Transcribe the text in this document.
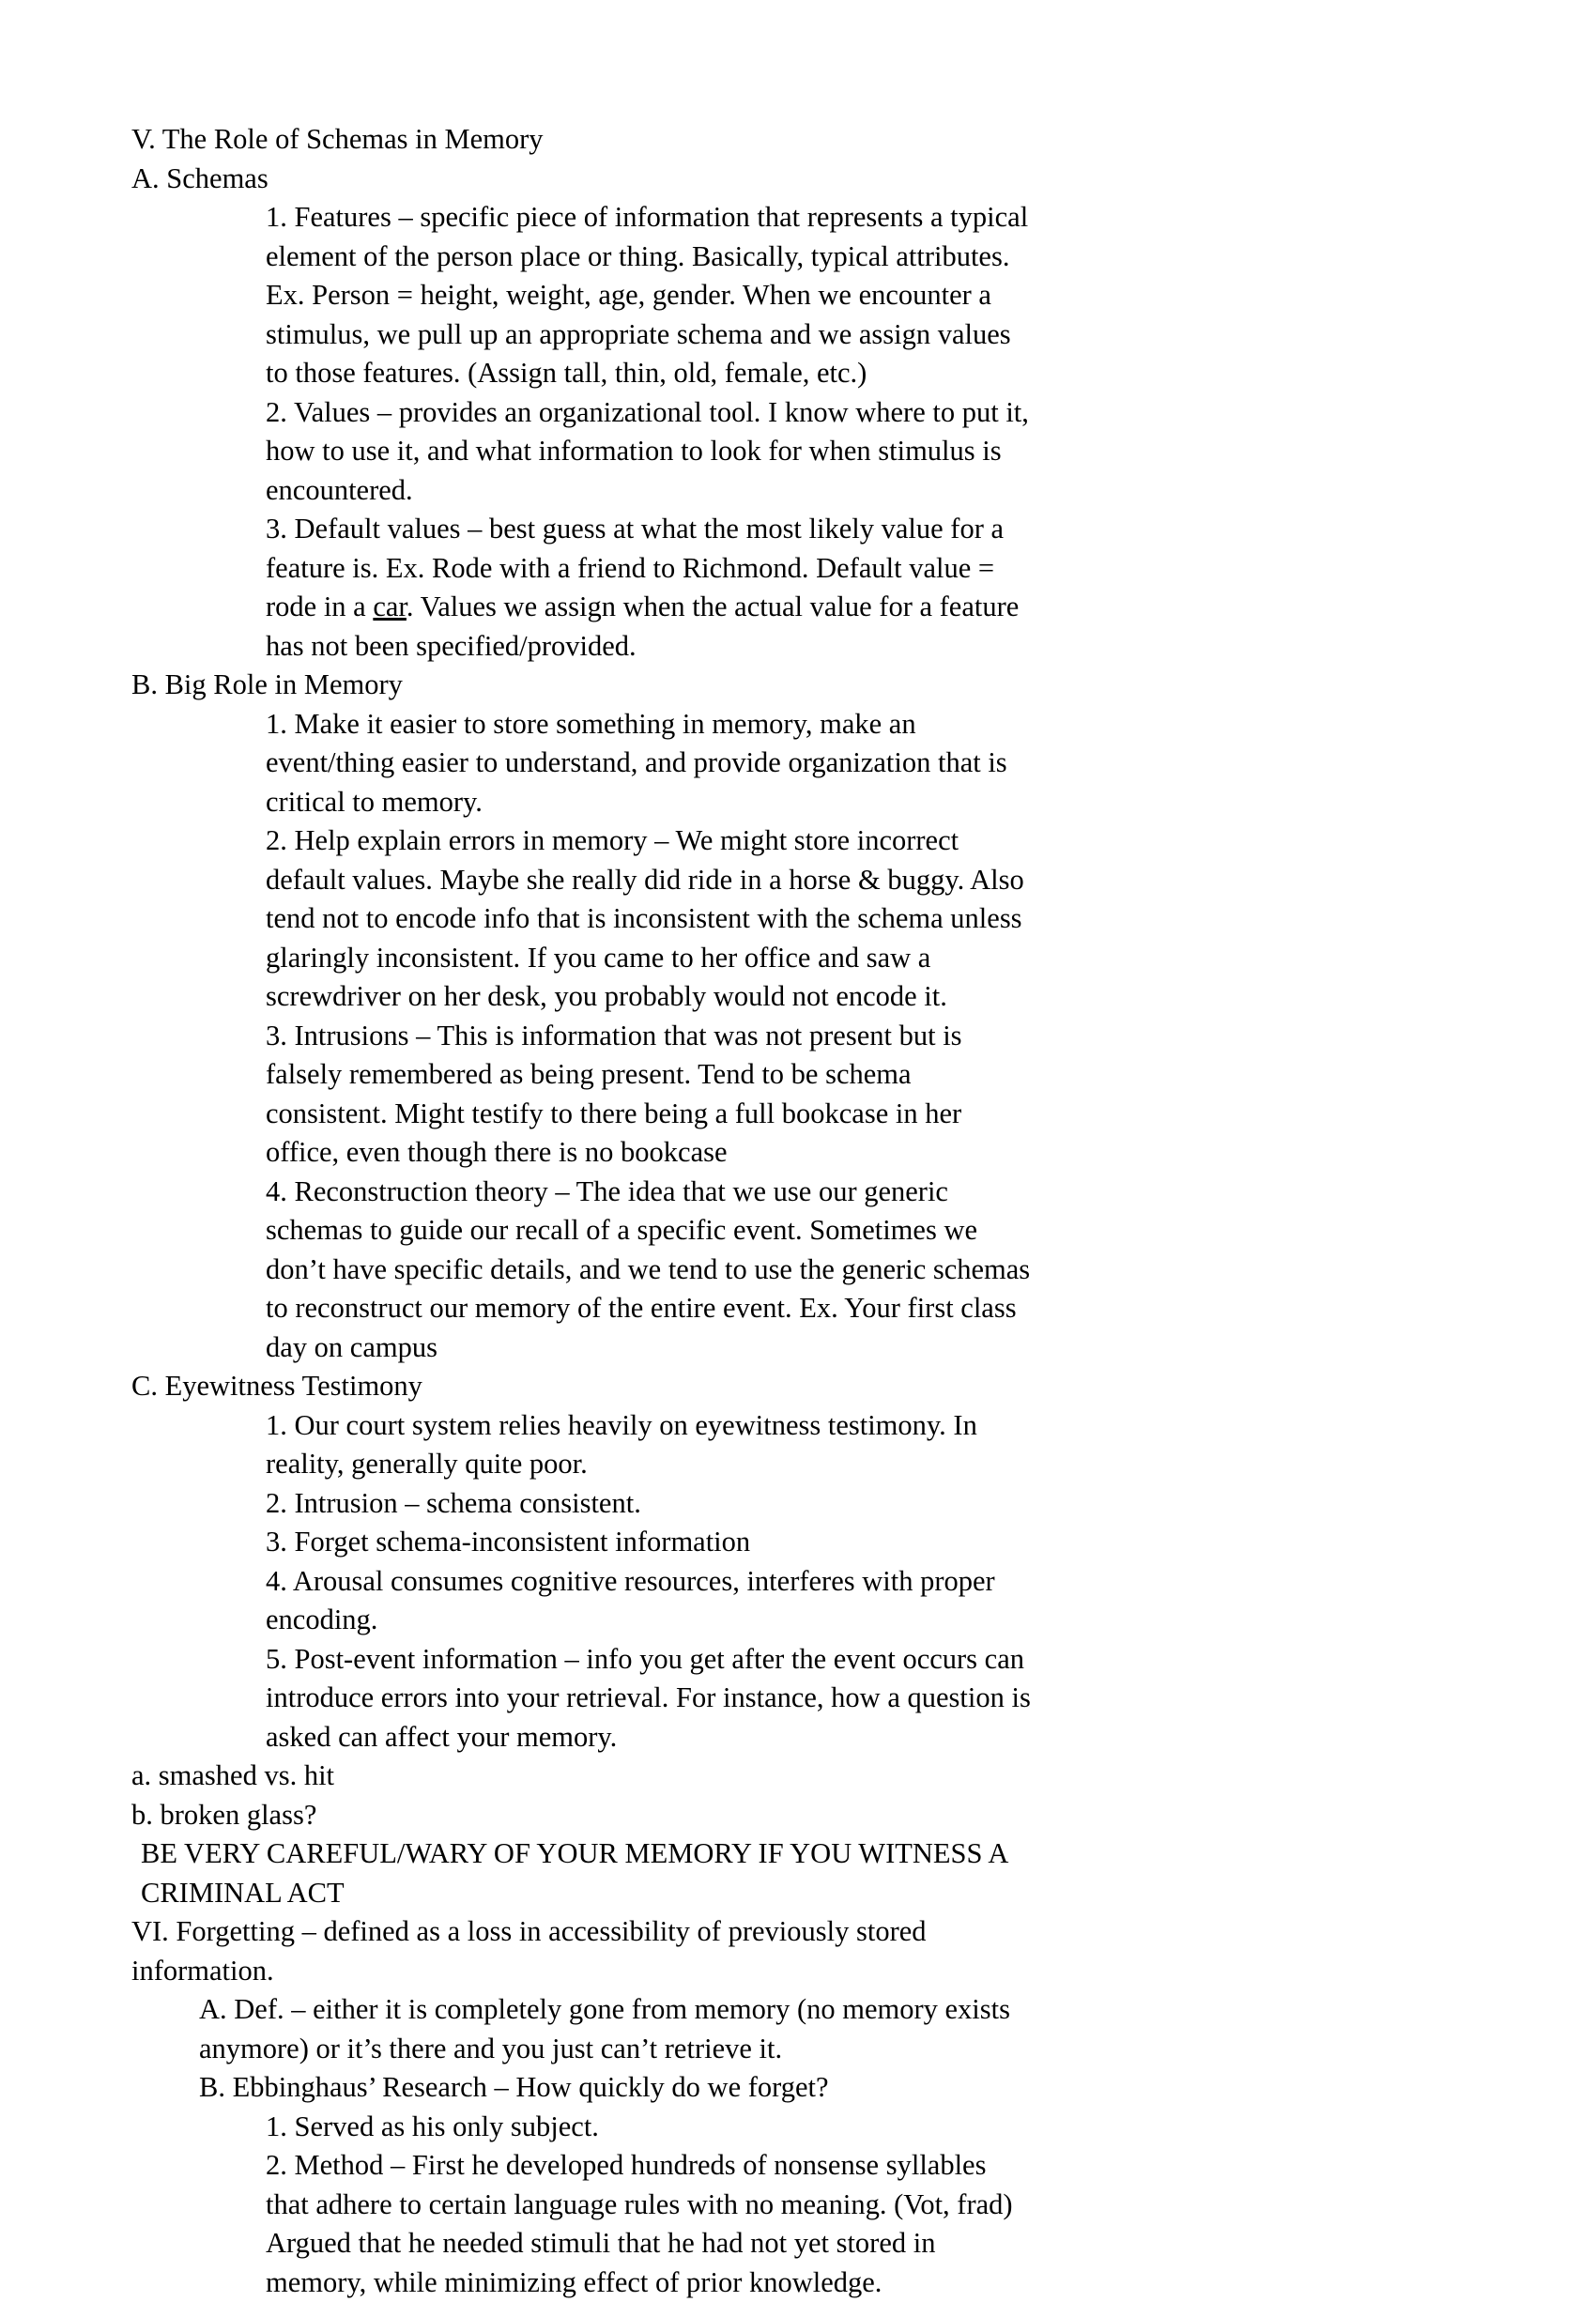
V. The Role of Schemas in Memory

A. Schemas

1. Features – specific piece of information that represents a typical element of the person place or thing. Basically, typical attributes. Ex. Person = height, weight, age, gender. When we encounter a stimulus, we pull up an appropriate schema and we assign values to those features. (Assign tall, thin, old, female, etc.)

2. Values – provides an organizational tool. I know where to put it, how to use it, and what information to look for when stimulus is encountered.

3. Default values – best guess at what the most likely value for a feature is. Ex. Rode with a friend to Richmond. Default value = rode in a car. Values we assign when the actual value for a feature has not been specified/provided.

B. Big Role in Memory

1. Make it easier to store something in memory, make an event/thing easier to understand, and provide organization that is critical to memory.

2. Help explain errors in memory – We might store incorrect default values. Maybe she really did ride in a horse & buggy. Also tend not to encode info that is inconsistent with the schema unless glaringly inconsistent. If you came to her office and saw a screwdriver on her desk, you probably would not encode it.

3. Intrusions – This is information that was not present but is falsely remembered as being present. Tend to be schema consistent. Might testify to there being a full bookcase in her office, even though there is no bookcase

4. Reconstruction theory – The idea that we use our generic schemas to guide our recall of a specific event. Sometimes we don’t have specific details, and we tend to use the generic schemas to reconstruct our memory of the entire event. Ex. Your first class day on campus

C. Eyewitness Testimony

1. Our court system relies heavily on eyewitness testimony. In reality, generally quite poor.

2. Intrusion – schema consistent.

3. Forget schema-inconsistent information

4. Arousal consumes cognitive resources, interferes with proper encoding.

5. Post-event information – info you get after the event occurs can introduce errors into your retrieval. For instance, how a question is asked can affect your memory.

a. smashed vs. hit

b. broken glass?

BE VERY CAREFUL/WARY OF YOUR MEMORY IF YOU WITNESS A CRIMINAL ACT

VI. Forgetting – defined as a loss in accessibility of previously stored information.

A. Def. – either it is completely gone from memory (no memory exists anymore) or it’s there and you just can’t retrieve it.

B. Ebbinghaus’ Research – How quickly do we forget?

1. Served as his only subject.

2. Method – First he developed hundreds of nonsense syllables that adhere to certain language rules with no meaning. (Vot, frad) Argued that he needed stimuli that he had not yet stored in memory, while minimizing effect of prior knowledge.
